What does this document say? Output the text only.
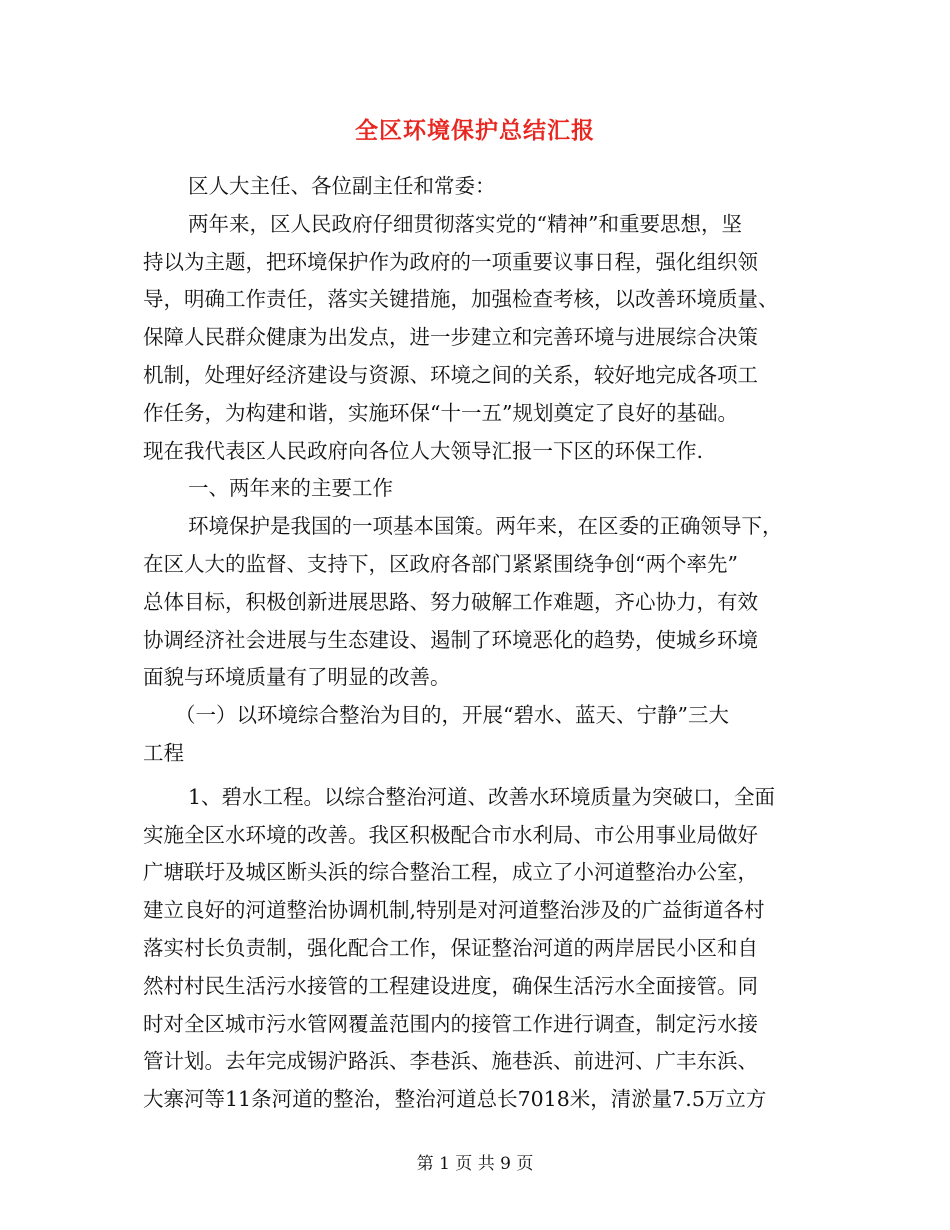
全区环境保护总结汇报
区人大主任、各位副主任和常委：
两年来，区人民政府仔细贯彻落实党的“精神”和重要思想，坚
持以为主题，把环境保护作为政府的一项重要议事日程，强化组织领
导，明确工作责任，落实关键措施，加强检查考核，以改善环境质量、
保障人民群众健康为出发点，进一步建立和完善环境与进展综合决策
机制，处理好经济建设与资源、环境之间的关系，较好地完成各项工
作任务，为构建和谐，实施环保“十一五”规划奠定了良好的基础。
现在我代表区人民政府向各位人大领导汇报一下区的环保工作.
一、两年来的主要工作
环境保护是我国的一项基本国策。两年来，在区委的正确领导下，
在区人大的监督、支持下，区政府各部门紧紧围绕争创“两个率先”
总体目标，积极创新进展思路、努力破解工作难题，齐心协力，有效
协调经济社会进展与生态建设、遏制了环境恶化的趋势，使城乡环境
面貌与环境质量有了明显的改善。
（一）以环境综合整治为目的，开展“碧水、蓝天、宁静”三大
工程
1、碧水工程。以综合整治河道、改善水环境质量为突破口，全面
实施全区水环境的改善。我区积极配合市水利局、市公用事业局做好
广塘联圩及城区断头浜的综合整治工程，成立了小河道整治办公室，
建立良好的河道整治协调机制,特别是对河道整治涉及的广益街道各村
落实村长负责制，强化配合工作，保证整治河道的两岸居民小区和自
然村村民生活污水接管的工程建设进度，确保生活污水全面接管。同
时对全区城市污水管网覆盖范围内的接管工作进行调查，制定污水接
管计划。去年完成锡沪路浜、李巷浜、施巷浜、前进河、广丰东浜、
大寨河等11条河道的整治，整治河道总长7018米，清淤量7.5万立方
第 1 页 共 9 页
